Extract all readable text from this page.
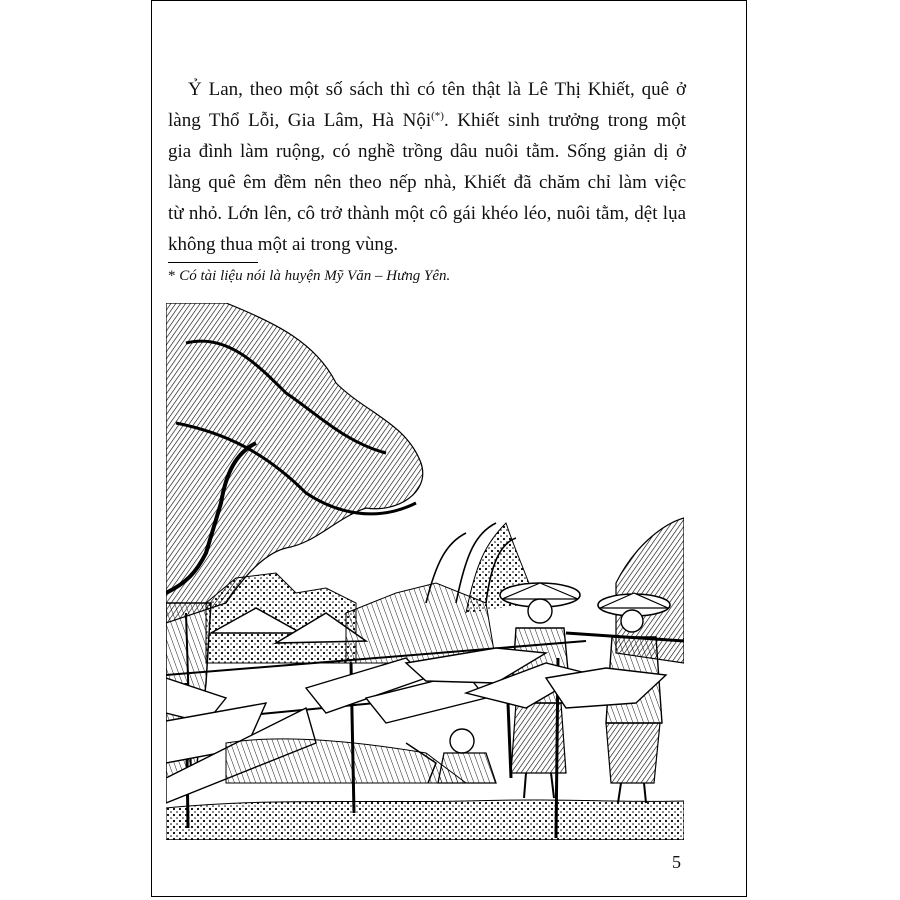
Ỷ Lan, theo một số sách thì có tên thật là Lê Thị Khiết, quê ở
làng Thổ Lỗi, Gia Lâm, Hà Nội(*). Khiết sinh trưởng trong một
gia đình làm ruộng, có nghề trồng dâu nuôi tằm. Sống giản dị ở
làng quê êm đềm nên theo nếp nhà, Khiết đã chăm chỉ làm việc
từ nhỏ. Lớn lên, cô trở thành một cô gái khéo léo, nuôi tằm, dệt lụa
không thua một ai trong vùng.
* Có tài liệu nói là huyện Mỹ Văn – Hưng Yên.
5
